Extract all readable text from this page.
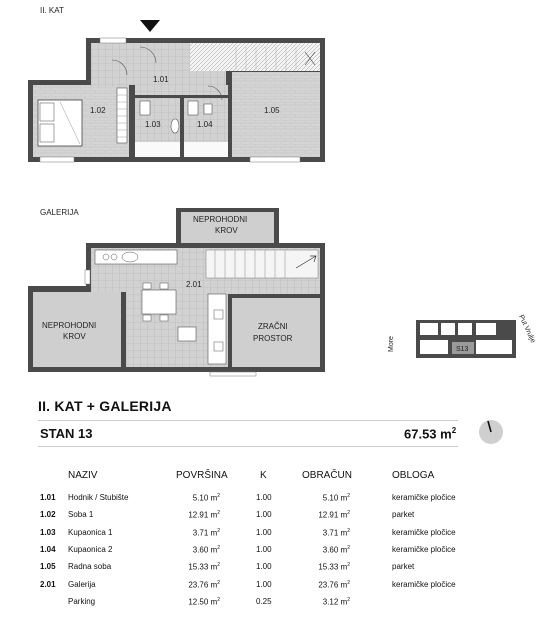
1.01
1.02
1.03	1.04
1.05
NEPROHODNI
KROV
2.01
NEPROHODNI
KROV
ZRAČNI
PROSTOR
S13
More	Put Vrulje
II. KAT
GALERIJA
II. KAT + GALERIJA
STAN 13	67.53 $m^2$
NAZIV	POVRŠINA	K	OBRAČUN	OBLOGA
1.01 Hodnik / Stubište	5.10 $m^2$	1.00	5.10 $m^2$	keramičke pločice
1.02 Soba 1	12.91 $m^2$	1.00	12.91 $m^2$	parket
1.03 Kupaonica 1	3.71 $m^2$	1.00	3.71 $m^2$	keramičke pločice
1.04 Kupaonica 2	3.60 $m^2$	1.00	3.60 $m^2$	keramičke pločice
1.05 Radna soba	15.33 $m^2$	1.00	15.33 $m^2$	parket
2.01 Galerija	23.76 $m^2$	1.00	23.76 $m^2$	keramičke pločice
Parking	12.50 $m^2$	0.25	3.12 $m^2$
